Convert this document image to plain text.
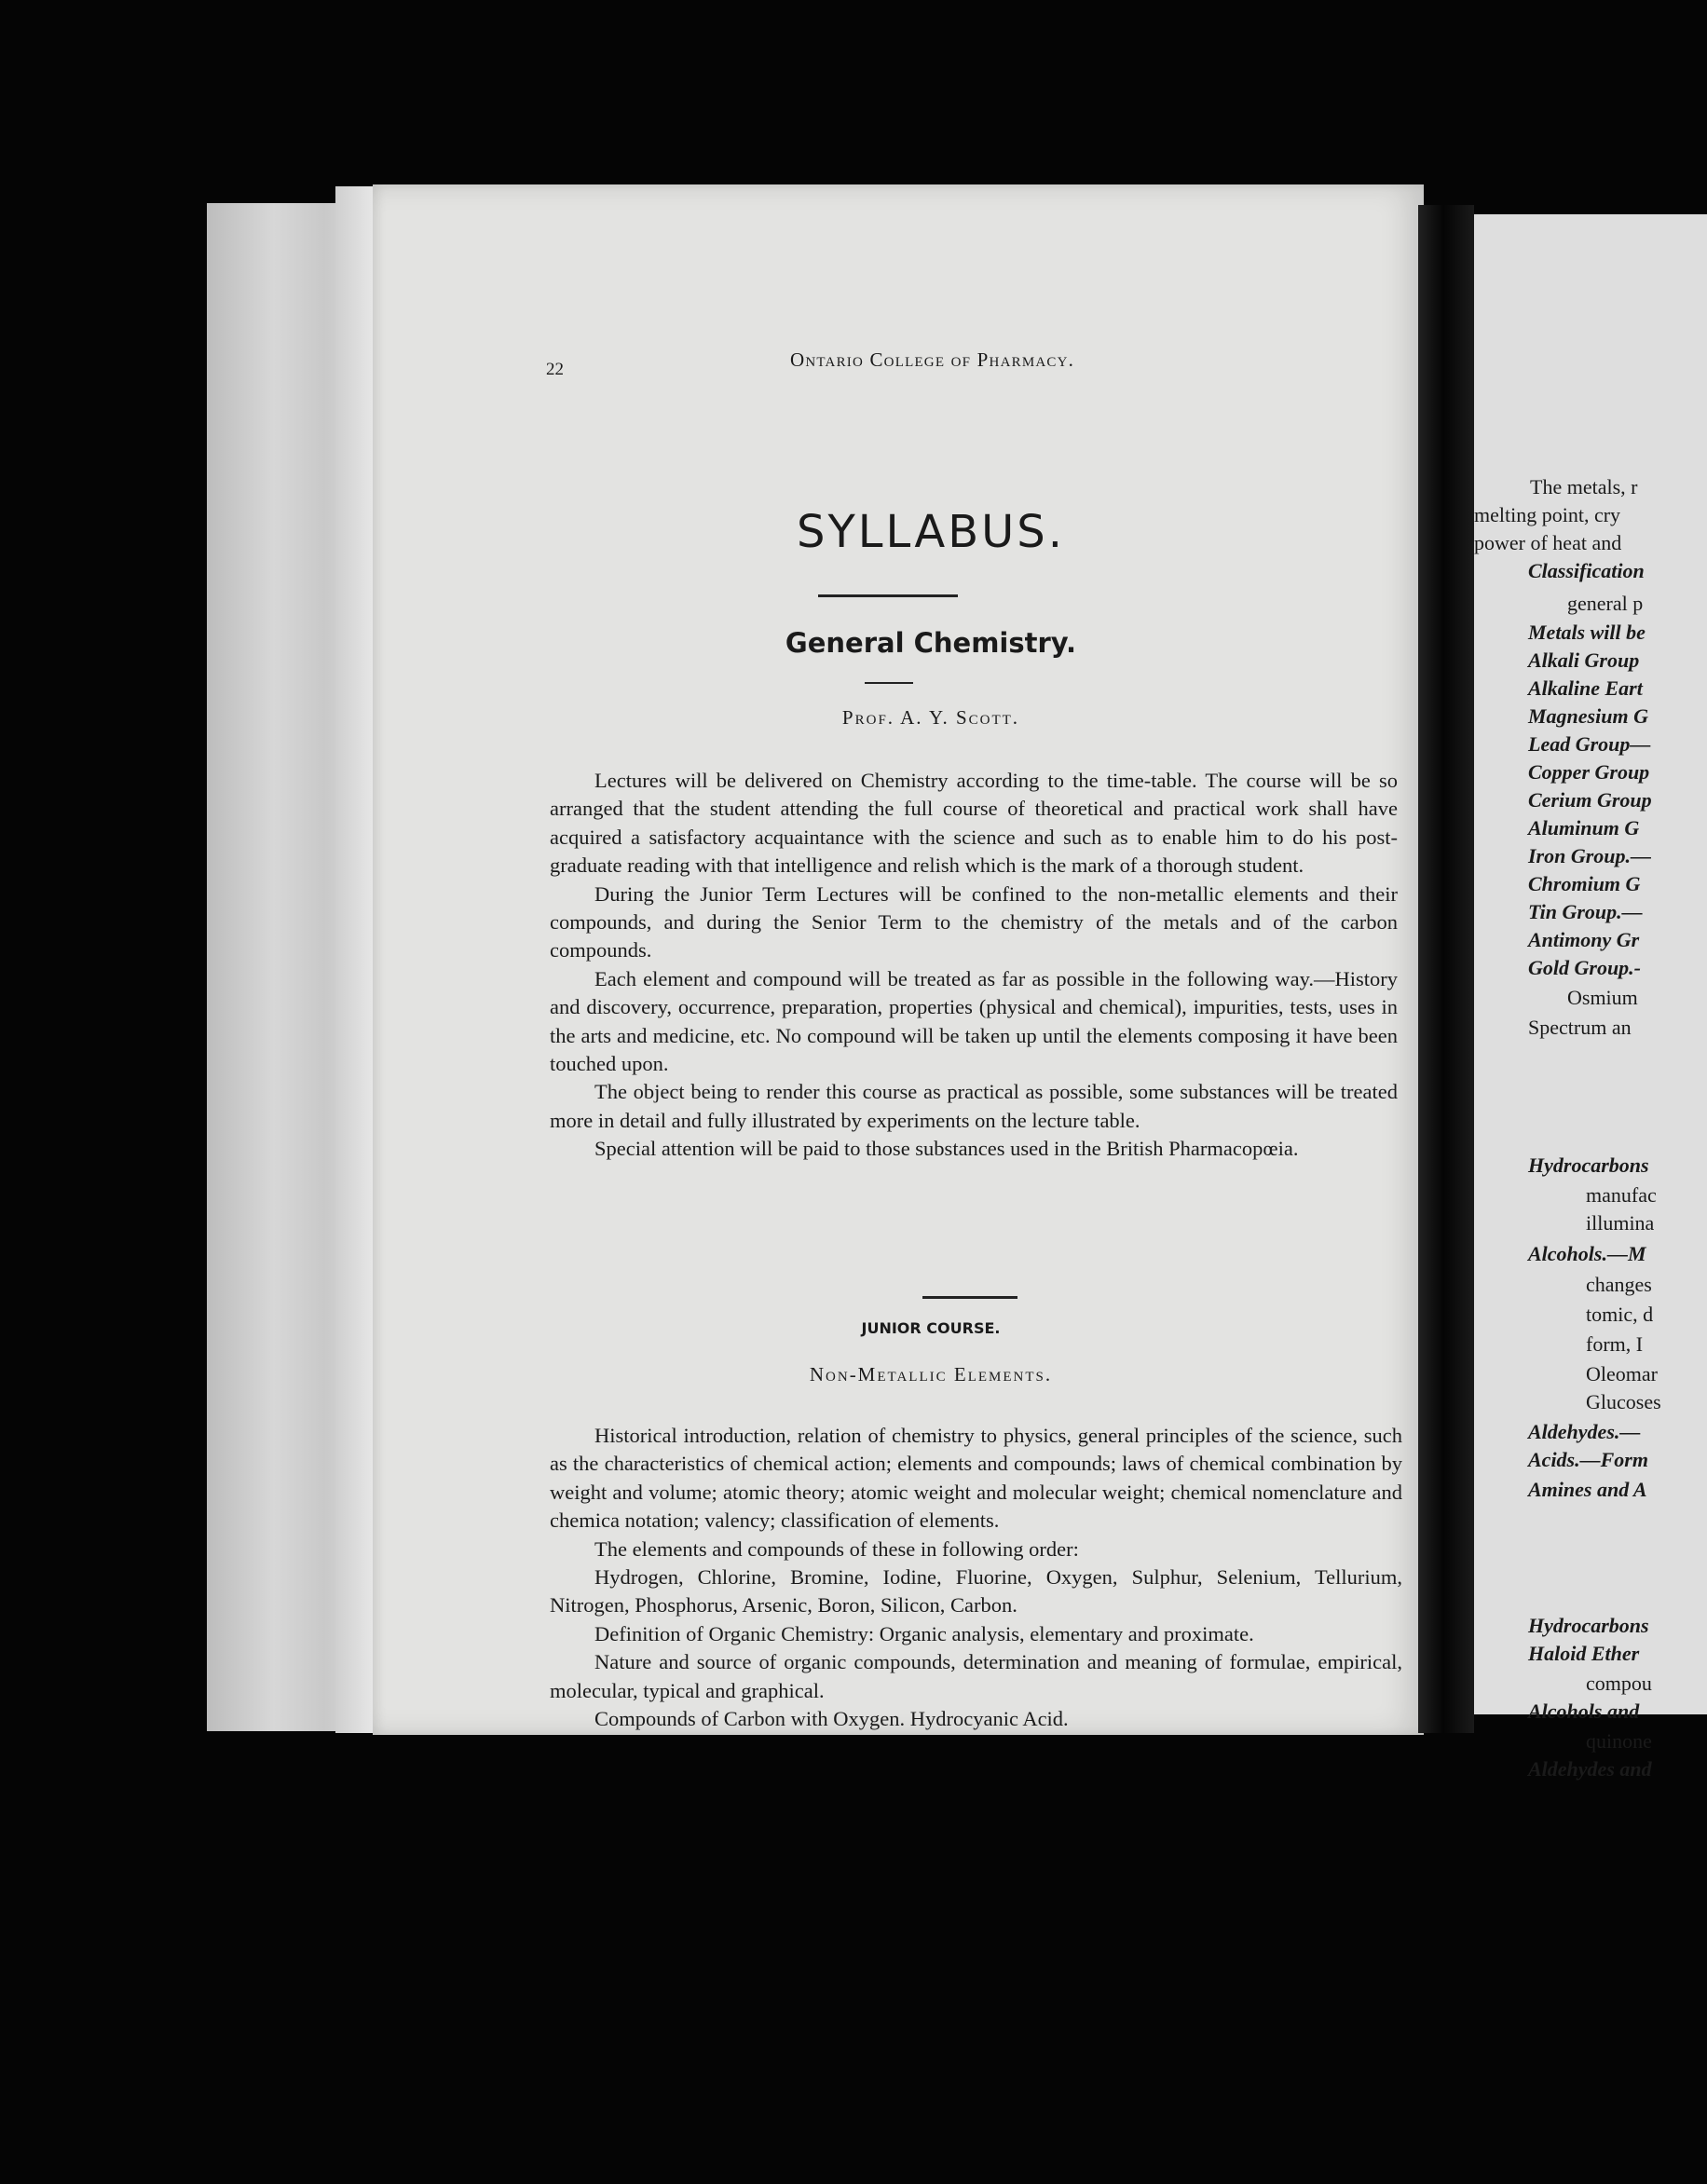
22	Ontario College of Pharmacy.
SYLLABUS.
General Chemistry.
Prof. A. Y. Scott.

Lectures will be delivered on Chemistry according to the time-table. The course will be so arranged that the student attending the full course of theoretical and practical work shall have acquired a satisfactory acquaintance with the science and such as to enable him to do his post-graduate reading with that intelligence and relish which is the mark of a thorough student.

During the Junior Term Lectures will be confined to the non-metallic elements and their compounds, and during the Senior Term to the chemistry of the metals and of the carbon compounds.

Each element and compound will be treated as far as possible in the following way.—History and discovery, occurrence, preparation, properties (physical and chemical), impurities, tests, uses in the arts and medicine, etc. No compound will be taken up until the elements composing it have been touched upon.

The object being to render this course as practical as possible, some substances will be treated more in detail and fully illustrated by experiments on the lecture table.

Special attention will be paid to those substances used in the British Pharmacopœia.

JUNIOR COURSE.
Non-Metallic Elements.

Historical introduction, relation of chemistry to physics, general principles of the science, such as the characteristics of chemical action; elements and compounds; laws of chemical combination by weight and volume; atomic theory; atomic weight and molecular weight; chemical nomenclature and chemica notation; valency; classification of elements.

The elements and compounds of these in following order:

Hydrogen, Chlorine, Bromine, Iodine, Fluorine, Oxygen, Sulphur, Selenium, Tellurium, Nitrogen, Phosphorus, Arsenic, Boron, Silicon, Carbon.

Definition of Organic Chemistry: Organic analysis, elementary and proximate.

Nature and source of organic compounds, determination and meaning of formulae, empirical, molecular, typical and graphical.

Compounds of Carbon with Oxygen. Hydrocyanic Acid.

The metals, r
melting point, cry
power of heat and
Classification
general p
Metals will be
Alkali Group
Alkaline Eart
Magnesium G
Lead Group—
Copper Group
Cerium Group
Aluminum G
Iron Group.—
Chromium G
Tin Group.—
Antimony Gr
Gold Group.-
Osmium
Spectrum an
Hydrocarbons
manufac
illumina
Alcohols.—M
changes
tomic, d
form, I
Oleomar
Glucoses
Aldehydes.—
Acids.—Form
Amines and A
Hydrocarbons
Haloid Ether
compou
Alcohols and
quinone
Aldehydes and
